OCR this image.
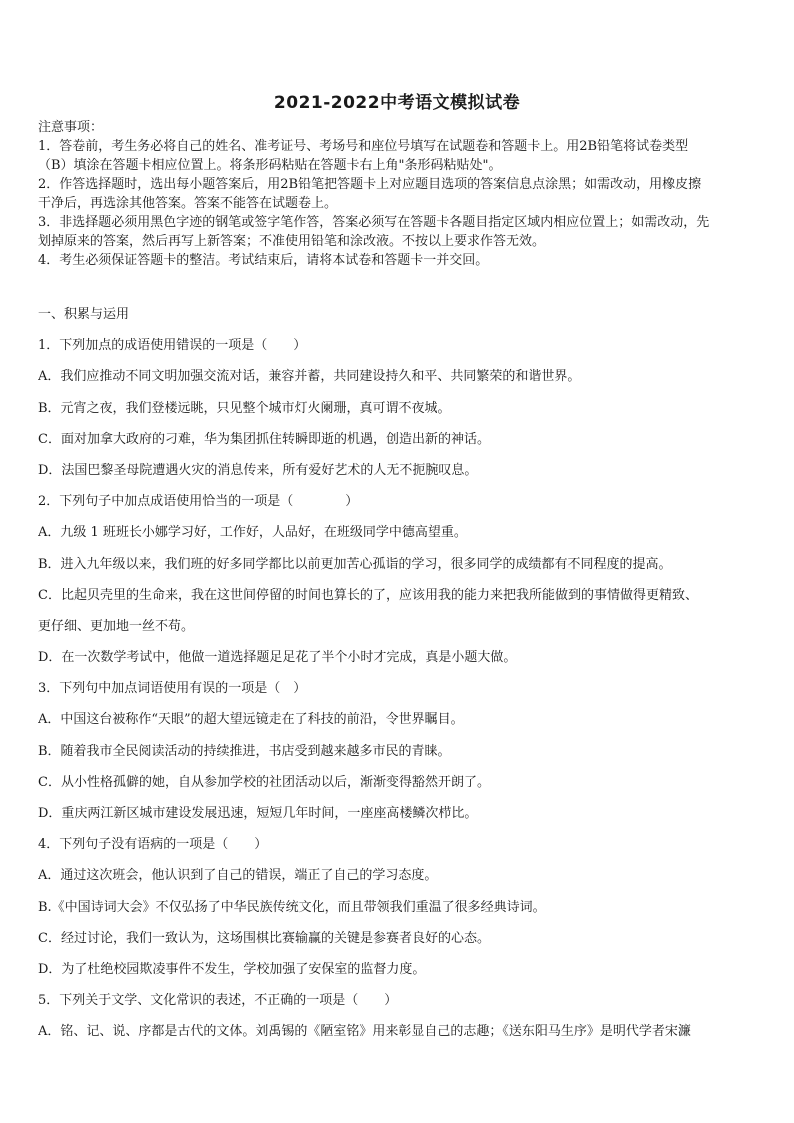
2021-2022中考语文模拟试卷
注意事项：
1．答卷前，考生务必将自己的姓名、准考证号、考场号和座位号填写在试题卷和答题卡上。用2B铅笔将试卷类型
（B）填涂在答题卡相应位置上。将条形码粘贴在答题卡右上角"条形码粘贴处"。
2．作答选择题时，选出每小题答案后，用2B铅笔把答题卡上对应题目选项的答案信息点涂黑；如需改动，用橡皮擦
干净后，再选涂其他答案。答案不能答在试题卷上。
3．非选择题必须用黑色字迹的钢笔或签字笔作答，答案必须写在答题卡各题目指定区域内相应位置上；如需改动，先
划掉原来的答案，然后再写上新答案；不准使用铅笔和涂改液。不按以上要求作答无效。
4．考生必须保证答题卡的整洁。考试结束后，请将本试卷和答题卡一并交回。
一、积累与运用
1．下列加点的成语使用错误的一项是（　　）
A．我们应推动不同文明加强交流对话，兼容并蓄，共同建设持久和平、共同繁荣的和谐世界。
B．元宵之夜，我们登楼远眺，只见整个城市灯火阑珊，真可谓不夜城。
C．面对加拿大政府的刁难，华为集团抓住转瞬即逝的机遇，创造出新的神话。
D．法国巴黎圣母院遭遇火灾的消息传来，所有爱好艺术的人无不扼腕叹息。
2．下列句子中加点成语使用恰当的一项是（　　　　）
A．九级 1 班班长小娜学习好，工作好，人品好，在班级同学中德高望重。
B．进入九年级以来，我们班的好多同学都比以前更加苦心孤诣的学习，很多同学的成绩都有不同程度的提高。
C．比起贝壳里的生命来，我在这世间停留的时间也算长的了，应该用我的能力来把我所能做到的事情做得更精致、
更仔细、更加地一丝不苟。
D．在一次数学考试中，他做一道选择题足足花了半个小时才完成，真是小题大做。
3．下列句中加点词语使用有误的一项是（　）
A．中国这台被称作“天眼”的超大望远镜走在了科技的前沿，令世界瞩目。
B．随着我市全民阅读活动的持续推进，书店受到越来越多市民的青睐。
C．从小性格孤僻的她，自从参加学校的社团活动以后，渐渐变得豁然开朗了。
D．重庆两江新区城市建设发展迅速，短短几年时间，一座座高楼鳞次栉比。
4．下列句子没有语病的一项是（　　）
A．通过这次班会，他认识到了自己的错误，端正了自己的学习态度。
B.《中国诗词大会》不仅弘扬了中华民族传统文化，而且带领我们重温了很多经典诗词。
C．经过讨论，我们一致认为，这场围棋比赛输赢的关键是参赛者良好的心态。
D．为了杜绝校园欺凌事件不发生，学校加强了安保室的监督力度。
5．下列关于文学、文化常识的表述，不正确的一项是（　　）
A．铭、记、说、序都是古代的文体。刘禹锡的《陋室铭》用来彰显自己的志趣；《送东阳马生序》是明代学者宋濂
